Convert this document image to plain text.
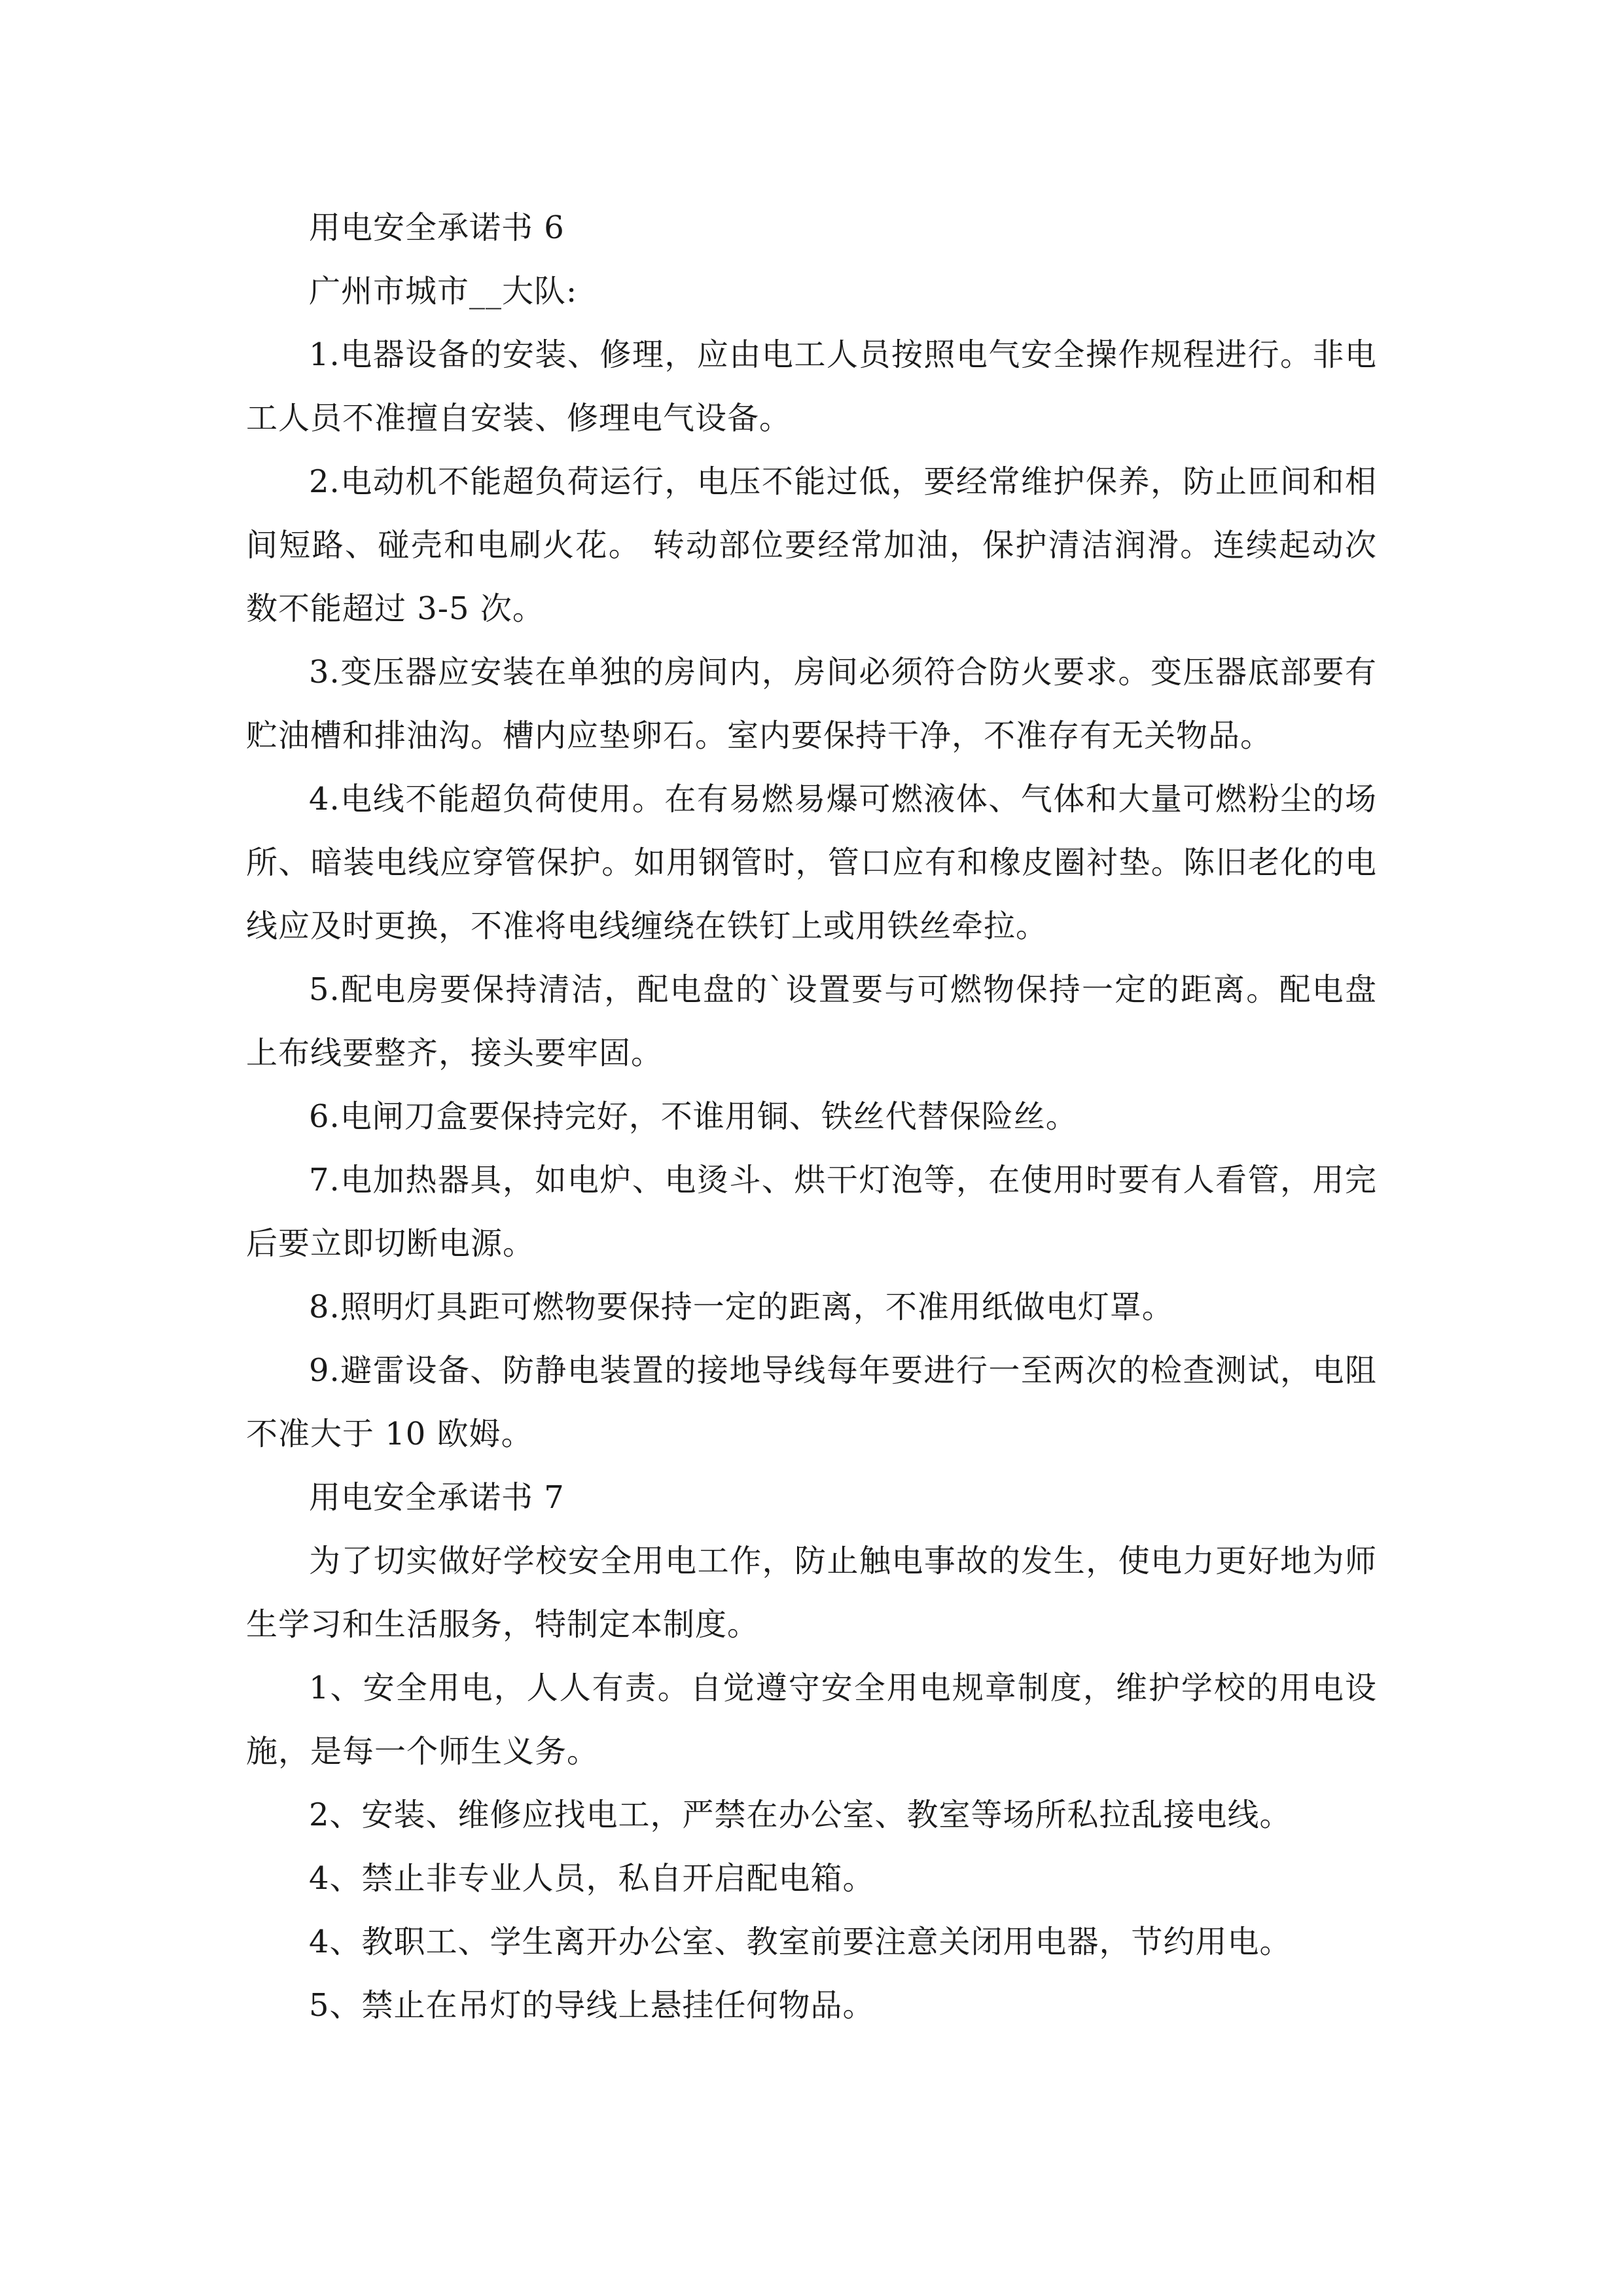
用电安全承诺书 6

广州市城市__大队:

1.电器设备的安装、修理，应由电工人员按照电气安全操作规程进行。非电工人员不准擅自安装、修理电气设备。

2.电动机不能超负荷运行，电压不能过低，要经常维护保养，防止匝间和相间短路、碰壳和电刷火花。 转动部位要经常加油，保护清洁润滑。连续起动次数不能超过 3-5 次。

3.变压器应安装在单独的房间内，房间必须符合防火要求。变压器底部要有贮油槽和排油沟。槽内应垫卵石。室内要保持干净，不准存有无关物品。

4.电线不能超负荷使用。在有易燃易爆可燃液体、气体和大量可燃粉尘的场所、暗装电线应穿管保护。如用钢管时，管口应有和橡皮圈衬垫。陈旧老化的电线应及时更换，不准将电线缠绕在铁钉上或用铁丝牵拉。

5.配电房要保持清洁，配电盘的`设置要与可燃物保持一定的距离。配电盘上布线要整齐，接头要牢固。

6.电闸刀盒要保持完好，不谁用铜、铁丝代替保险丝。

7.电加热器具，如电炉、电烫斗、烘干灯泡等，在使用时要有人看管，用完后要立即切断电源。

8.照明灯具距可燃物要保持一定的距离，不准用纸做电灯罩。

9.避雷设备、防静电装置的接地导线每年要进行一至两次的检查测试，电阻不准大于 10 欧姆。

用电安全承诺书 7

为了切实做好学校安全用电工作，防止触电事故的发生，使电力更好地为师生学习和生活服务，特制定本制度。

1、安全用电，人人有责。自觉遵守安全用电规章制度，维护学校的用电设施，是每一个师生义务。

2、安装、维修应找电工，严禁在办公室、教室等场所私拉乱接电线。

4、禁止非专业人员，私自开启配电箱。

4、教职工、学生离开办公室、教室前要注意关闭用电器，节约用电。

5、禁止在吊灯的导线上悬挂任何物品。
